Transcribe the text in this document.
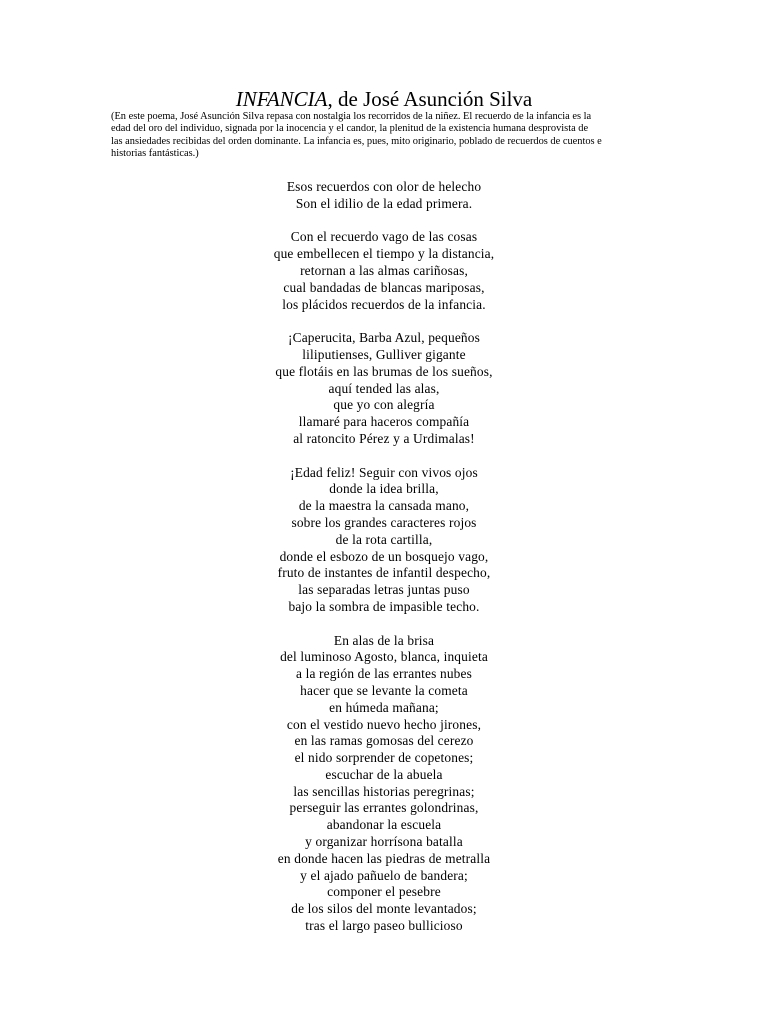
INFANCIA, de José Asunción Silva
(En este poema, José Asunción Silva repasa con nostalgia los recorridos de la niñez. El recuerdo de la infancia es la
edad del oro del individuo, signada por la inocencia y el candor, la plenitud de la existencia humana desprovista de
las ansiedades recibidas del orden dominante. La infancia es, pues, mito originario, poblado de recuerdos de cuentos e
historias fantásticas.)
Esos recuerdos con olor de helecho
Son el idilio de la edad primera.
Con el recuerdo vago de las cosas
que embellecen el tiempo y la distancia,
retornan a las almas cariñosas,
cual bandadas de blancas mariposas,
los plácidos recuerdos de la infancia.
¡Caperucita, Barba Azul, pequeños
liliputienses, Gulliver gigante
que flotáis en las brumas de los sueños,
aquí tended las alas,
que yo con alegría
llamaré para haceros compañía
al ratoncito Pérez y a Urdimalas!
¡Edad feliz! Seguir con vivos ojos
donde la idea brilla,
de la maestra la cansada mano,
sobre los grandes caracteres rojos
de la rota cartilla,
donde el esbozo de un bosquejo vago,
fruto de instantes de infantil despecho,
las separadas letras juntas puso
bajo la sombra de impasible techo.
En alas de la brisa
del luminoso Agosto, blanca, inquieta
a la región de las errantes nubes
hacer que se levante la cometa
en húmeda mañana;
con el vestido nuevo hecho jirones,
en las ramas gomosas del cerezo
el nido sorprender de copetones;
escuchar de la abuela
las sencillas historias peregrinas;
perseguir las errantes golondrinas,
abandonar la escuela
y organizar horrísona batalla
en donde hacen las piedras de metralla
y el ajado pañuelo de bandera;
componer el pesebre
de los silos del monte levantados;
tras el largo paseo bullicioso
